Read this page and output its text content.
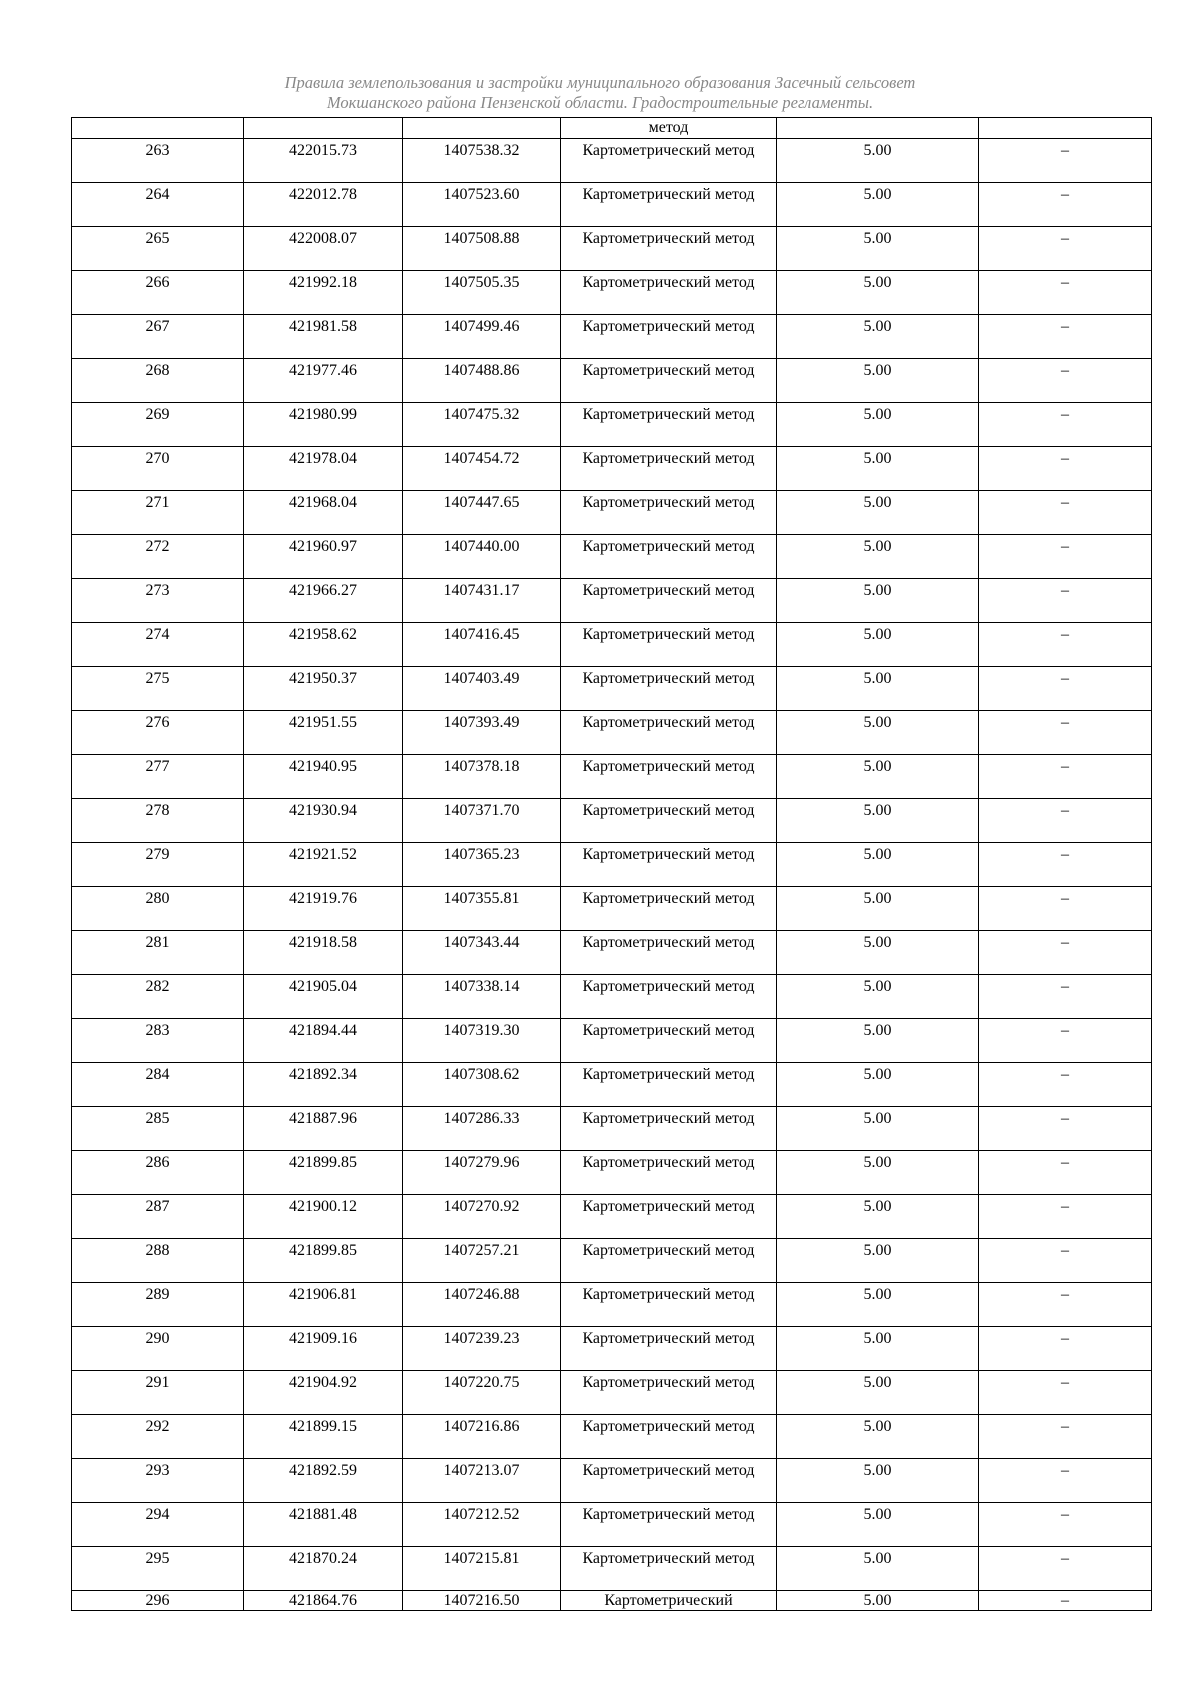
Правила землепользования и застройки муниципального образования Засечный сельсовет
Мокшанского района Пензенской области. Градостроительные регламенты.
			метод		
263	422015.73	1407538.32	Картометрический метод	5.00	–
264	422012.78	1407523.60	Картометрический метод	5.00	–
265	422008.07	1407508.88	Картометрический метод	5.00	–
266	421992.18	1407505.35	Картометрический метод	5.00	–
267	421981.58	1407499.46	Картометрический метод	5.00	–
268	421977.46	1407488.86	Картометрический метод	5.00	–
269	421980.99	1407475.32	Картометрический метод	5.00	–
270	421978.04	1407454.72	Картометрический метод	5.00	–
271	421968.04	1407447.65	Картометрический метод	5.00	–
272	421960.97	1407440.00	Картометрический метод	5.00	–
273	421966.27	1407431.17	Картометрический метод	5.00	–
274	421958.62	1407416.45	Картометрический метод	5.00	–
275	421950.37	1407403.49	Картометрический метод	5.00	–
276	421951.55	1407393.49	Картометрический метод	5.00	–
277	421940.95	1407378.18	Картометрический метод	5.00	–
278	421930.94	1407371.70	Картометрический метод	5.00	–
279	421921.52	1407365.23	Картометрический метод	5.00	–
280	421919.76	1407355.81	Картометрический метод	5.00	–
281	421918.58	1407343.44	Картометрический метод	5.00	–
282	421905.04	1407338.14	Картометрический метод	5.00	–
283	421894.44	1407319.30	Картометрический метод	5.00	–
284	421892.34	1407308.62	Картометрический метод	5.00	–
285	421887.96	1407286.33	Картометрический метод	5.00	–
286	421899.85	1407279.96	Картометрический метод	5.00	–
287	421900.12	1407270.92	Картометрический метод	5.00	–
288	421899.85	1407257.21	Картометрический метод	5.00	–
289	421906.81	1407246.88	Картометрический метод	5.00	–
290	421909.16	1407239.23	Картометрический метод	5.00	–
291	421904.92	1407220.75	Картометрический метод	5.00	–
292	421899.15	1407216.86	Картометрический метод	5.00	–
293	421892.59	1407213.07	Картометрический метод	5.00	–
294	421881.48	1407212.52	Картометрический метод	5.00	–
295	421870.24	1407215.81	Картометрический метод	5.00	–
296	421864.76	1407216.50	Картометрический	5.00	–
